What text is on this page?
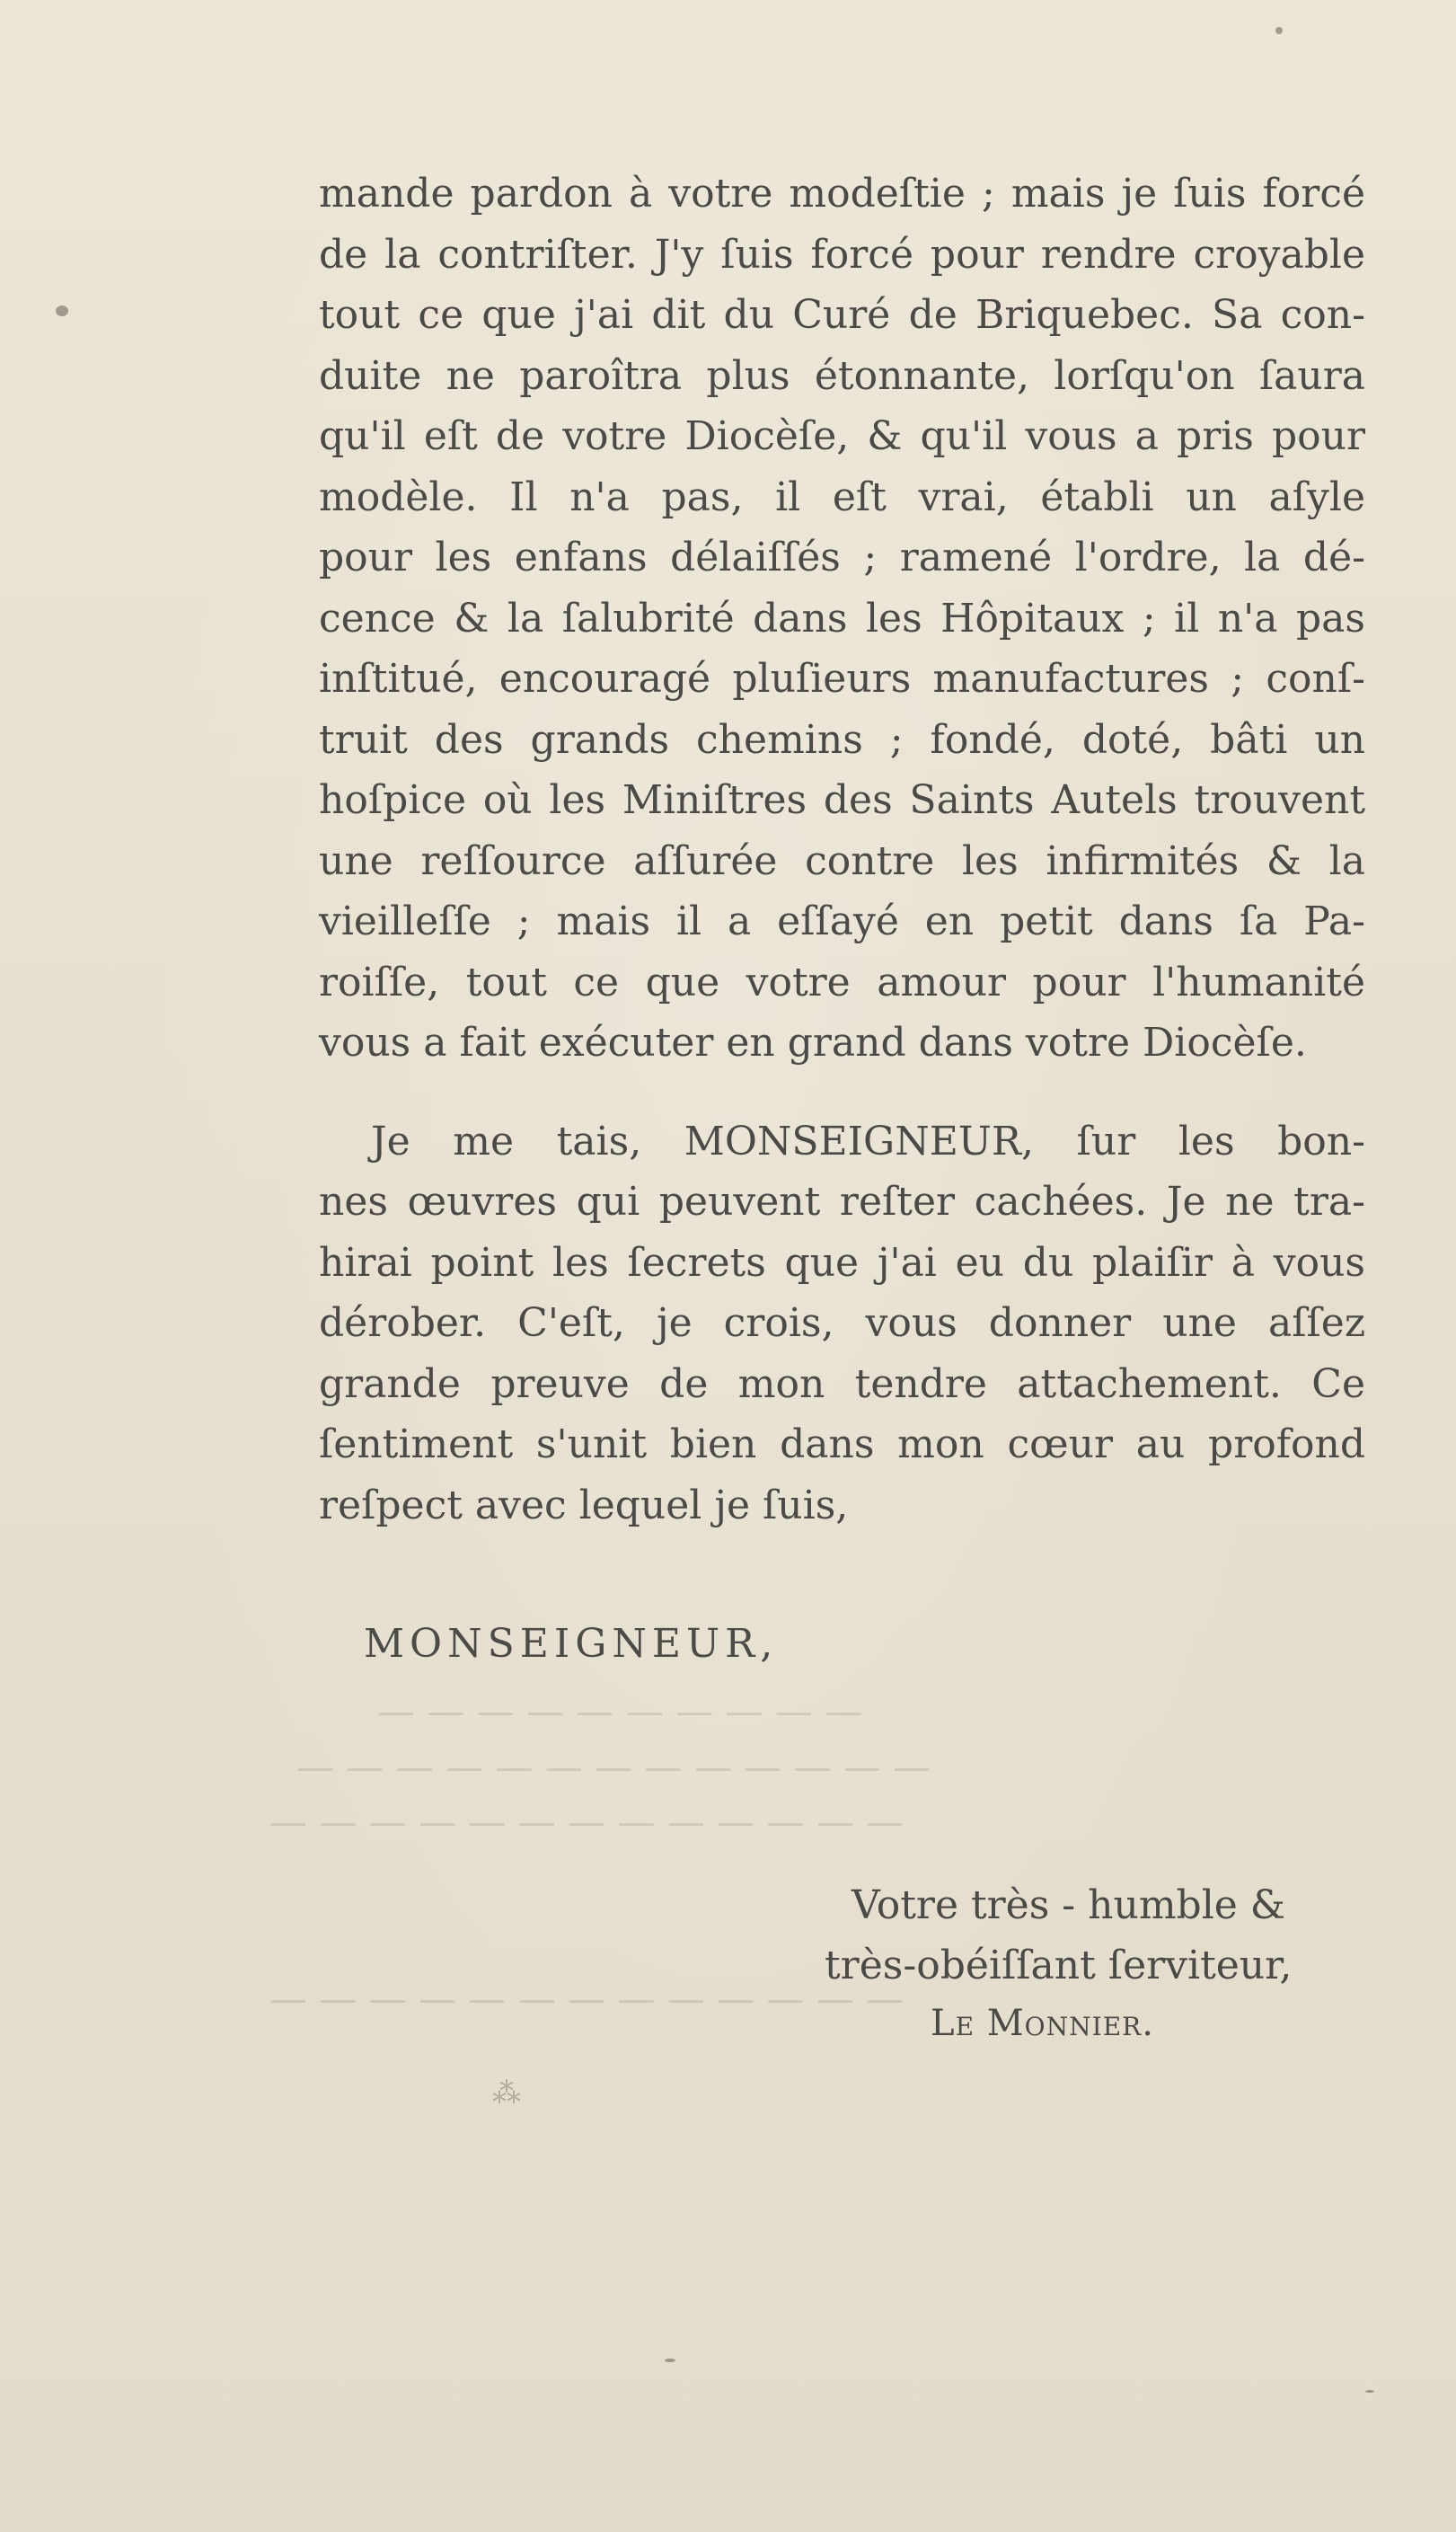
— — — — — — — — — —
— — — — — — — — — — — — —
— — — — — — — — — — — — —
— — — — — — — — — — — — —
mande pardon à votre modeſtie ; mais je ſuis forcé
de la contriſter. J'y ſuis forcé pour rendre croyable
tout ce que j'ai dit du Curé de Briquebec. Sa con-
duite ne paroîtra plus étonnante, lorſqu'on ſaura
qu'il eſt de votre Diocèſe, & qu'il vous a pris pour
modèle. Il n'a pas, il eſt vrai, établi un aſyle
pour les enfans délaiſſés ; ramené l'ordre, la dé-
cence & la ſalubrité dans les Hôpitaux ; il n'a pas
inſtitué, encouragé pluſieurs manufactures ; conſ-
truit des grands chemins ; fondé, doté, bâti un
hoſpice où les Miniſtres des Saints Autels trouvent
une reſſource aſſurée contre les infirmités & la
vieilleſſe ; mais il a eſſayé en petit dans ſa Pa-
roiſſe, tout ce que votre amour pour l'humanité
vous a fait exécuter en grand dans votre Diocèſe.
Je me tais, MONSEIGNEUR, ſur les bon-
nes œuvres qui peuvent reſter cachées. Je ne tra-
hirai point les ſecrets que j'ai eu du plaiſir à vous
dérober. C'eſt, je crois, vous donner une aſſez
grande preuve de mon tendre attachement. Ce
ſentiment s'unit bien dans mon cœur au profond
reſpect avec lequel je ſuis,
MONSEIGNEUR,
Votre très - humble &
très-obéiſſant ſerviteur,
Le Monnier.
⁂
